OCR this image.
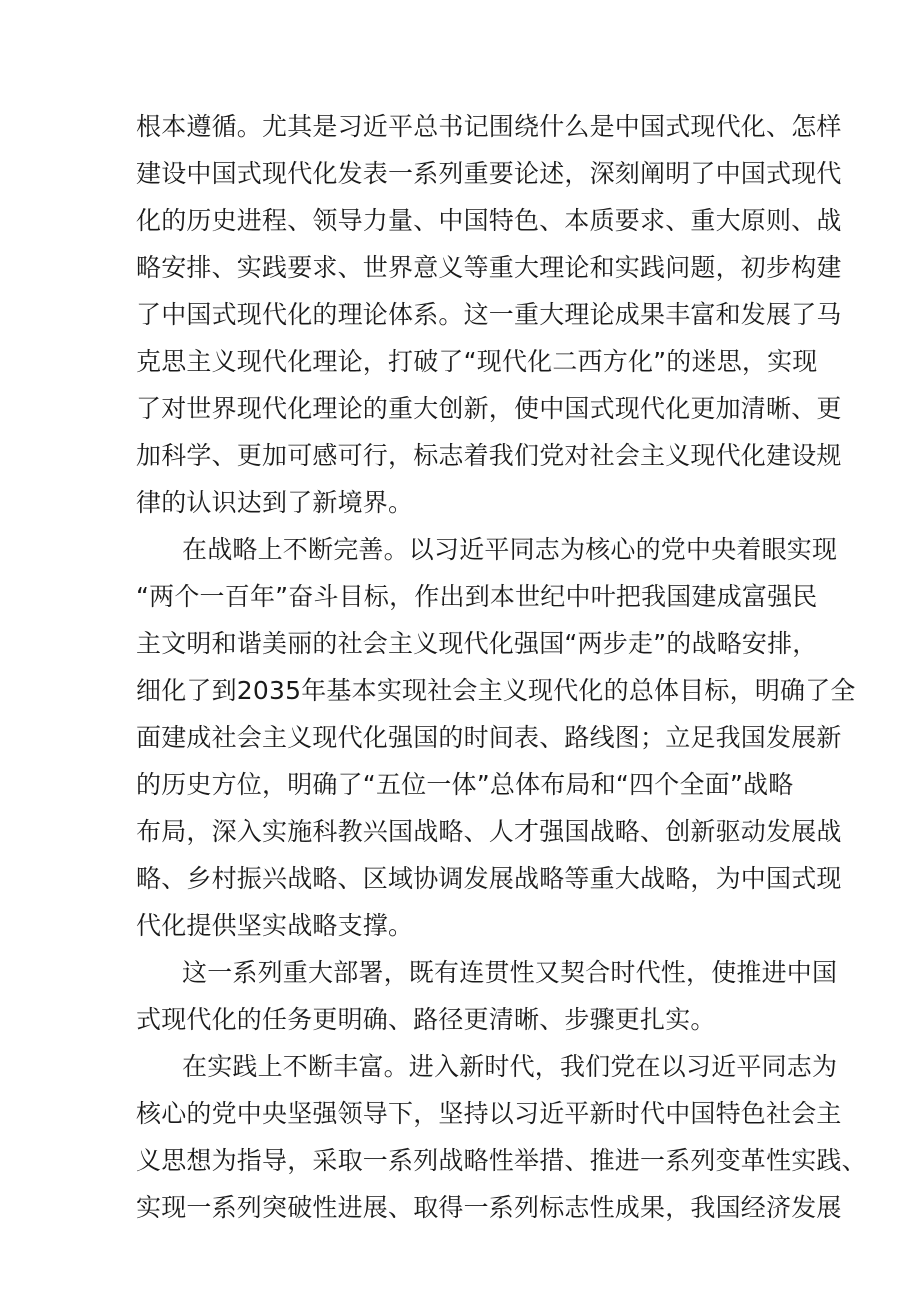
根本遵循。尤其是习近平总书记围绕什么是中国式现代化、怎样
建设中国式现代化发表一系列重要论述，深刻阐明了中国式现代
化的历史进程、领导力量、中国特色、本质要求、重大原则、战
略安排、实践要求、世界意义等重大理论和实践问题，初步构建
了中国式现代化的理论体系。这一重大理论成果丰富和发展了马
克思主义现代化理论，打破了“现代化二西方化”的迷思，实现
了对世界现代化理论的重大创新，使中国式现代化更加清晰、更
加科学、更加可感可行，标志着我们党对社会主义现代化建设规
律的认识达到了新境界。
在战略上不断完善。以习近平同志为核心的党中央着眼实现
“两个一百年”奋斗目标，作出到本世纪中叶把我国建成富强民
主文明和谐美丽的社会主义现代化强国“两步走”的战略安排，
细化了到2035年基本实现社会主义现代化的总体目标，明确了全
面建成社会主义现代化强国的时间表、路线图；立足我国发展新
的历史方位，明确了“五位一体”总体布局和“四个全面”战略
布局，深入实施科教兴国战略、人才强国战略、创新驱动发展战
略、乡村振兴战略、区域协调发展战略等重大战略，为中国式现
代化提供坚实战略支撑。
这一系列重大部署，既有连贯性又契合时代性，使推进中国
式现代化的任务更明确、路径更清晰、步骤更扎实。
在实践上不断丰富。进入新时代，我们党在以习近平同志为
核心的党中央坚强领导下，坚持以习近平新时代中国特色社会主
义思想为指导，采取一系列战略性举措、推进一系列变革性实践、
实现一系列突破性进展、取得一系列标志性成果，我国经济发展
